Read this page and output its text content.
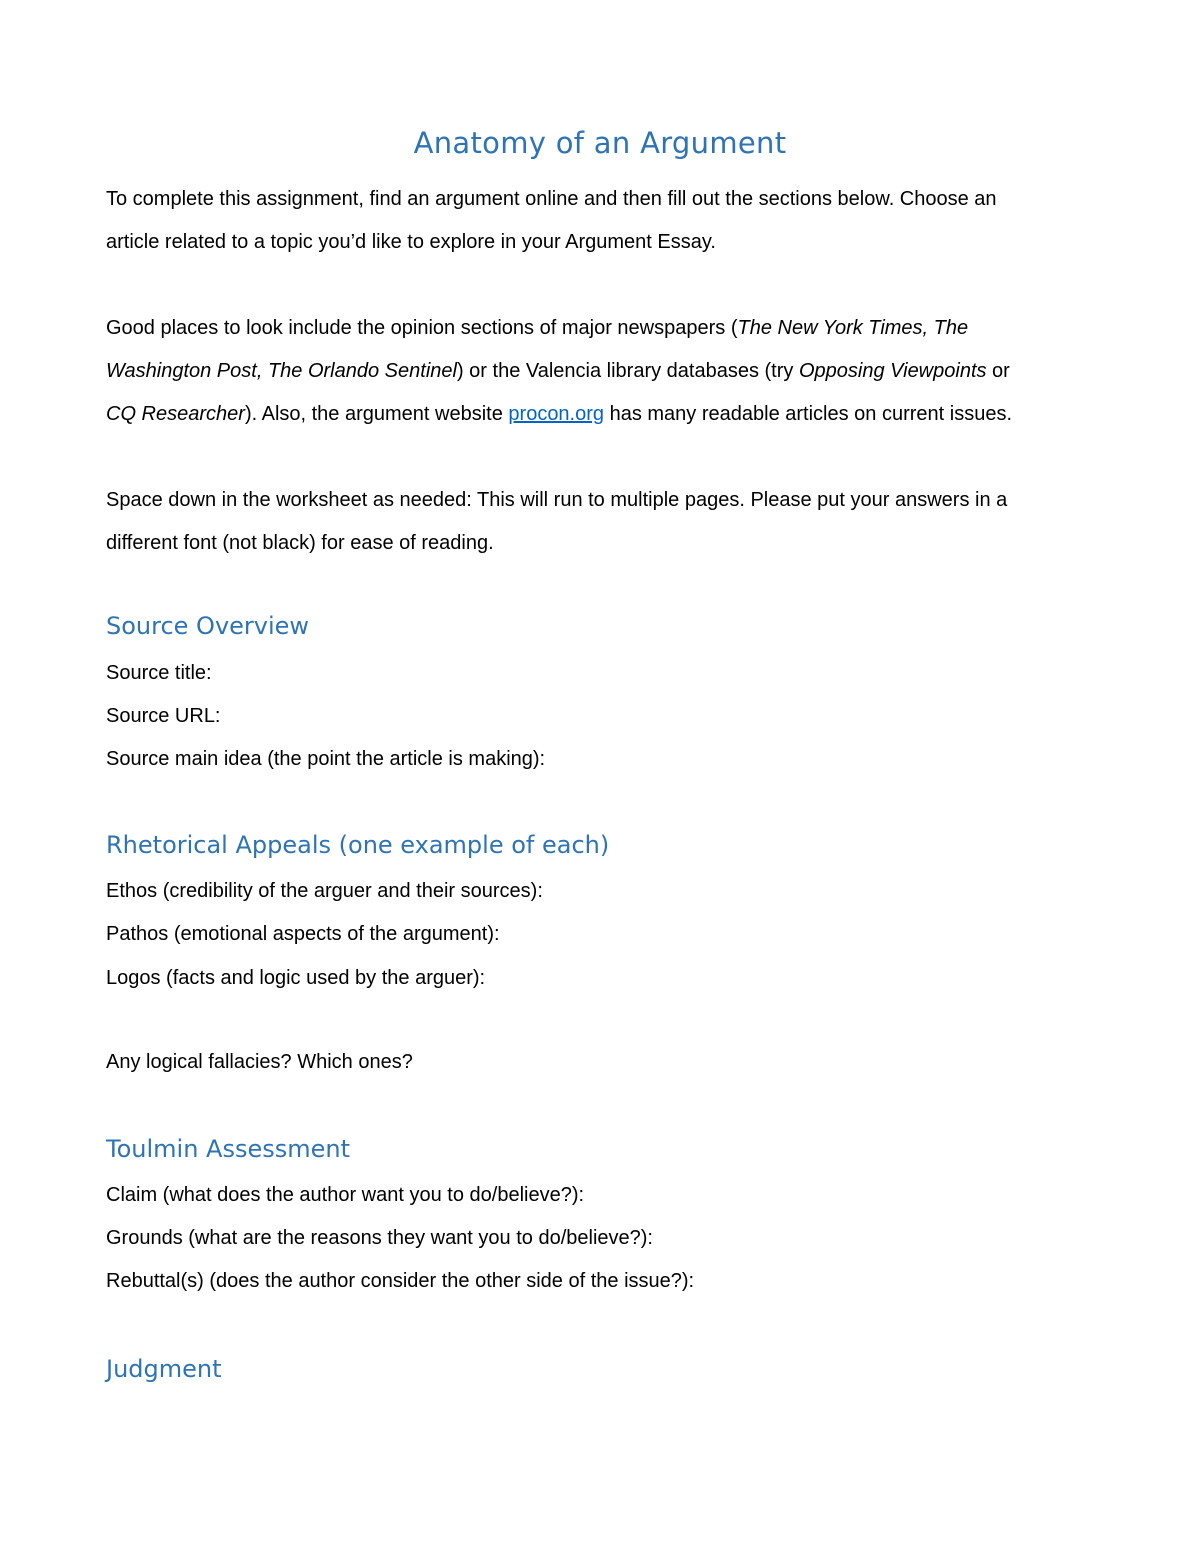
Anatomy of an Argument

To complete this assignment, find an argument online and then fill out the sections below. Choose an

article related to a topic you’d like to explore in your Argument Essay.

Good places to look include the opinion sections of major newspapers (The New York Times, The

Washington Post, The Orlando Sentinel) or the Valencia library databases (try Opposing Viewpoints or

CQ Researcher). Also, the argument website procon.org has many readable articles on current issues.

Space down in the worksheet as needed: This will run to multiple pages. Please put your answers in a

different font (not black) for ease of reading.

Source Overview

Source title:

Source URL:

Source main idea (the point the article is making):

Rhetorical Appeals (one example of each)

Ethos (credibility of the arguer and their sources):

Pathos (emotional aspects of the argument):

Logos (facts and logic used by the arguer):

Any logical fallacies? Which ones?

Toulmin Assessment

Claim (what does the author want you to do/believe?):

Grounds (what are the reasons they want you to do/believe?):

Rebuttal(s) (does the author consider the other side of the issue?):

Judgment
